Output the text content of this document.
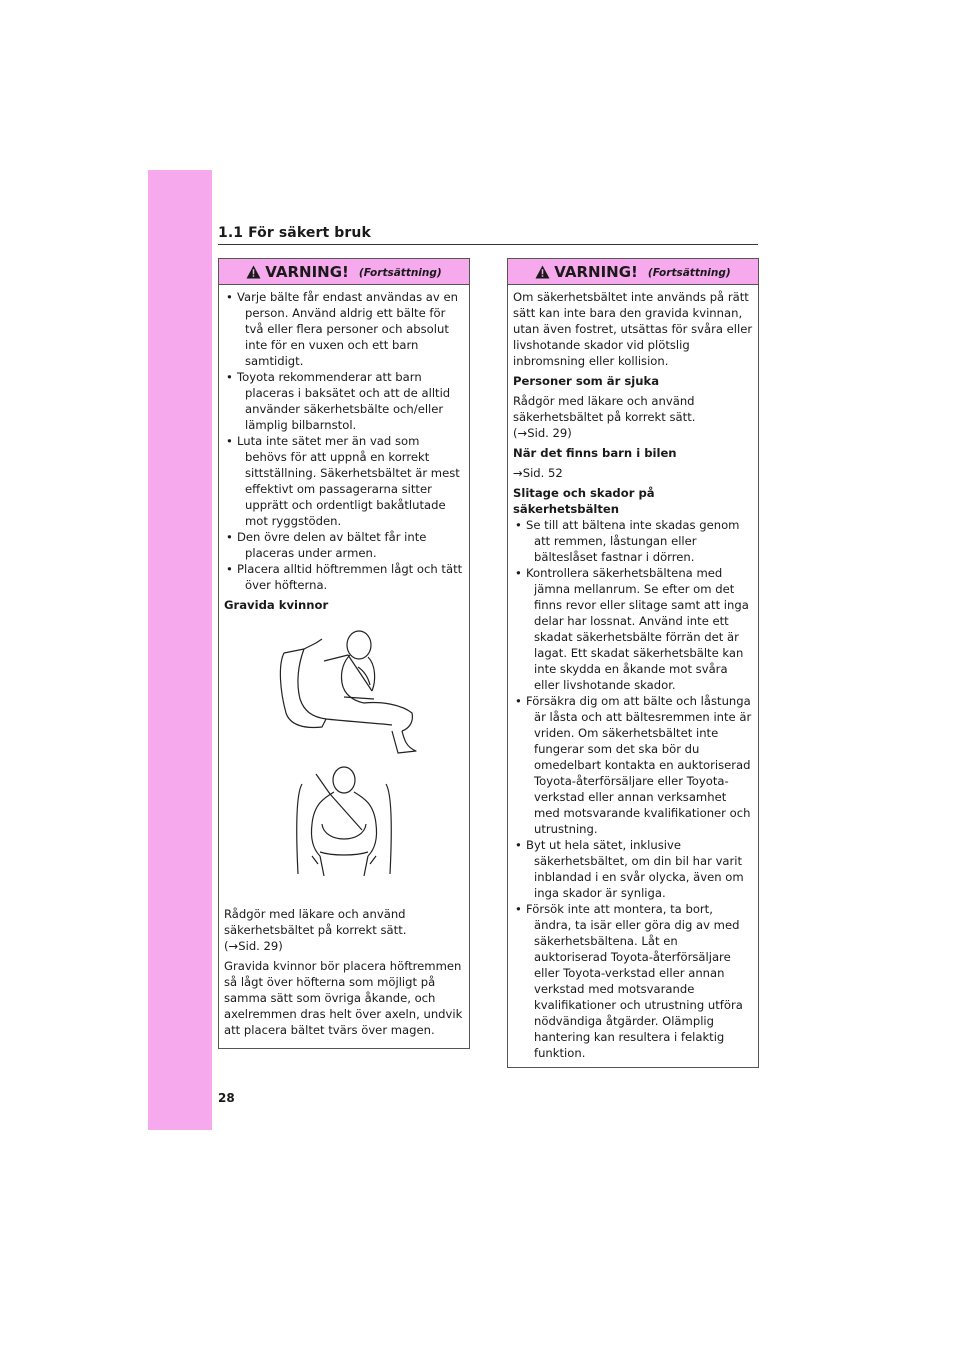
1.1 För säkert bruk
VARNING! (Fortsättning)
• Varje bälte får endast användas av en person. Använd aldrig ett bälte för två eller flera personer och absolut inte för en vuxen och ett barn samtidigt.
• Toyota rekommenderar att barn placeras i baksätet och att de alltid använder säkerhetsbälte och/eller lämplig bilbarnstol.
• Luta inte sätet mer än vad som behövs för att uppnå en korrekt sittställning. Säkerhetsbältet är mest effektivt om passagerarna sitter upprätt och ordentligt bakåtlutade mot ryggstöden.
• Den övre delen av bältet får inte placeras under armen.
• Placera alltid höftremmen lågt och tätt över höfterna.
Gravida kvinnor

Rådgör med läkare och använd

säkerhetsbältet på korrekt sätt.

(→Sid. 29)

Gravida kvinnor bör placera höftremmen så lågt över höfterna som möjligt på samma sätt som övriga åkande, och axelremmen dras helt över axeln, undvik att placera bältet tvärs över magen.

VARNING! (Fortsättning)

Om säkerhetsbältet inte används på rätt sätt kan inte bara den gravida kvinnan, utan även fostret, utsättas för svåra eller livshotande skador vid plötslig inbromsning eller kollision.

Personer som är sjuka

Rådgör med läkare och använd

säkerhetsbältet på korrekt sätt.

(→Sid. 29)

När det finns barn i bilen

→Sid. 52

Slitage och skador på säkerhetsbälten
• Se till att bältena inte skadas genom att remmen, låstungan eller bälteslåset fastnar i dörren.
• Kontrollera säkerhetsbältena med jämna mellanrum. Se efter om det finns revor eller slitage samt att inga delar har lossnat. Använd inte ett skadat säkerhetsbälte förrän det är lagat. Ett skadat säkerhetsbälte kan inte skydda en åkande mot svåra eller livshotande skador.
• Försäkra dig om att bälte och låstunga är låsta och att bältesremmen inte är vriden. Om säkerhetsbältet inte fungerar som det ska bör du omedelbart kontakta en auktoriserad Toyota-återförsäljare eller Toyota-verkstad eller annan verksamhet med motsvarande kvalifikationer och utrustning.
• Byt ut hela sätet, inklusive säkerhetsbältet, om din bil har varit inblandad i en svår olycka, även om inga skador är synliga.
• Försök inte att montera, ta bort, ändra, ta isär eller göra dig av med säkerhetsbältena. Låt en auktoriserad Toyota-återförsäljare eller Toyota-verkstad eller annan verkstad med motsvarande kvalifikationer och utrustning utföra nödvändiga åtgärder. Olämplig hantering kan resultera i felaktig funktion.
28
